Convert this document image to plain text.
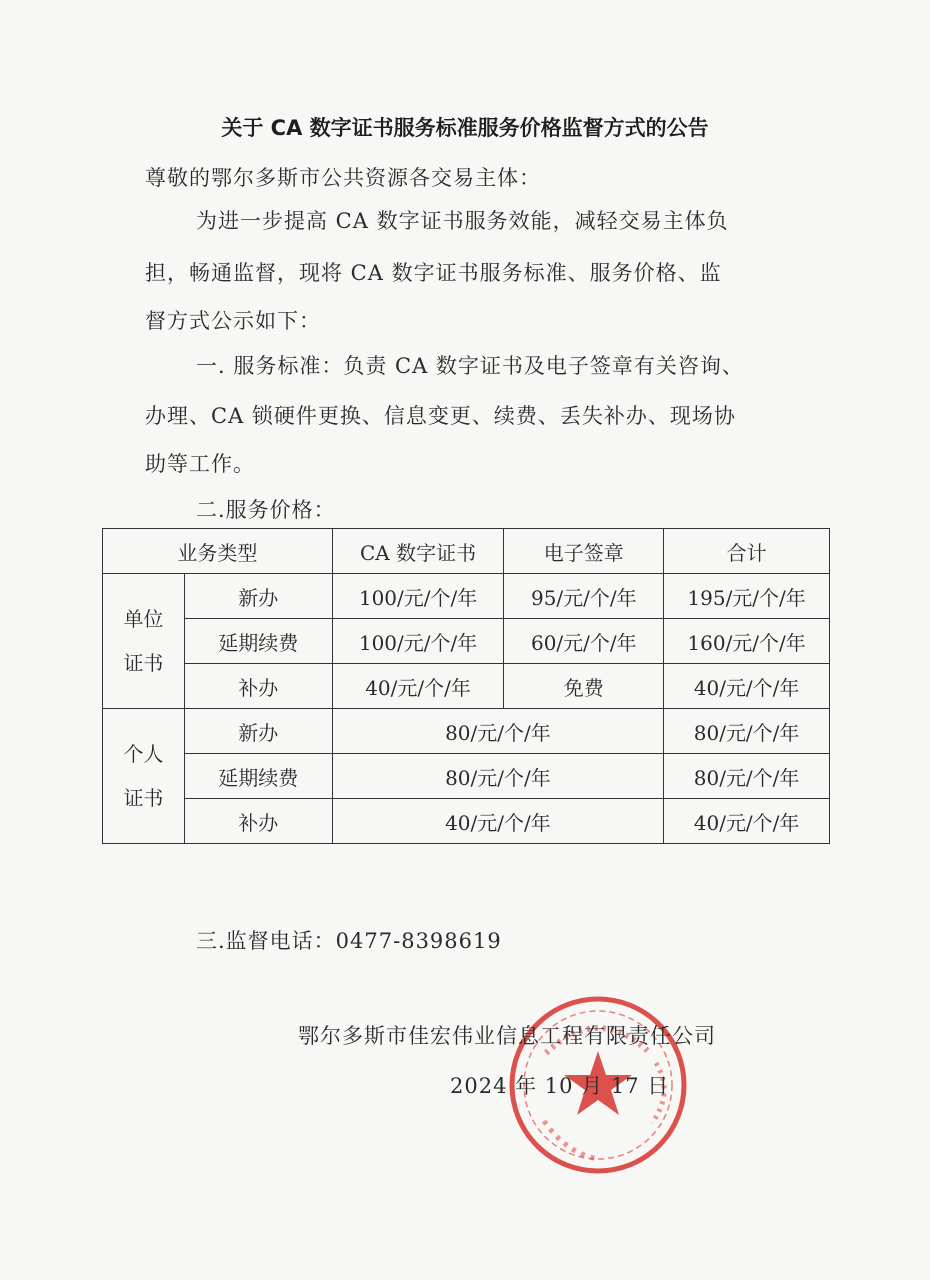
关于 CA 数字证书服务标准服务价格监督方式的公告
尊敬的鄂尔多斯市公共资源各交易主体：
为进一步提高 CA 数字证书服务效能，减轻交易主体负
担，畅通监督，现将 CA 数字证书服务标准、服务价格、监
督方式公示如下：
一. 服务标准：负责 CA 数字证书及电子签章有关咨询、
办理、CA 锁硬件更换、信息变更、续费、丢失补办、现场协
助等工作。
二.服务价格：
业务类型		CA 数字证书	电子签章	合计

单位
证书	新办	100/元/个/年	95/元/个/年	195/元/个/年
	延期续费	100/元/个/年	60/元/个/年	160/元/个/年
	补办	40/元/个/年	免费	40/元/个/年

个人
证书	新办	80/元/个/年		80/元/个/年
	延期续费	80/元/个/年		80/元/个/年
	补办	40/元/个/年		40/元/个/年
三.监督电话：0477-8398619
鄂尔多斯市佳宏伟业信息工程有限责任公司
2024 年 10 月 17 日
